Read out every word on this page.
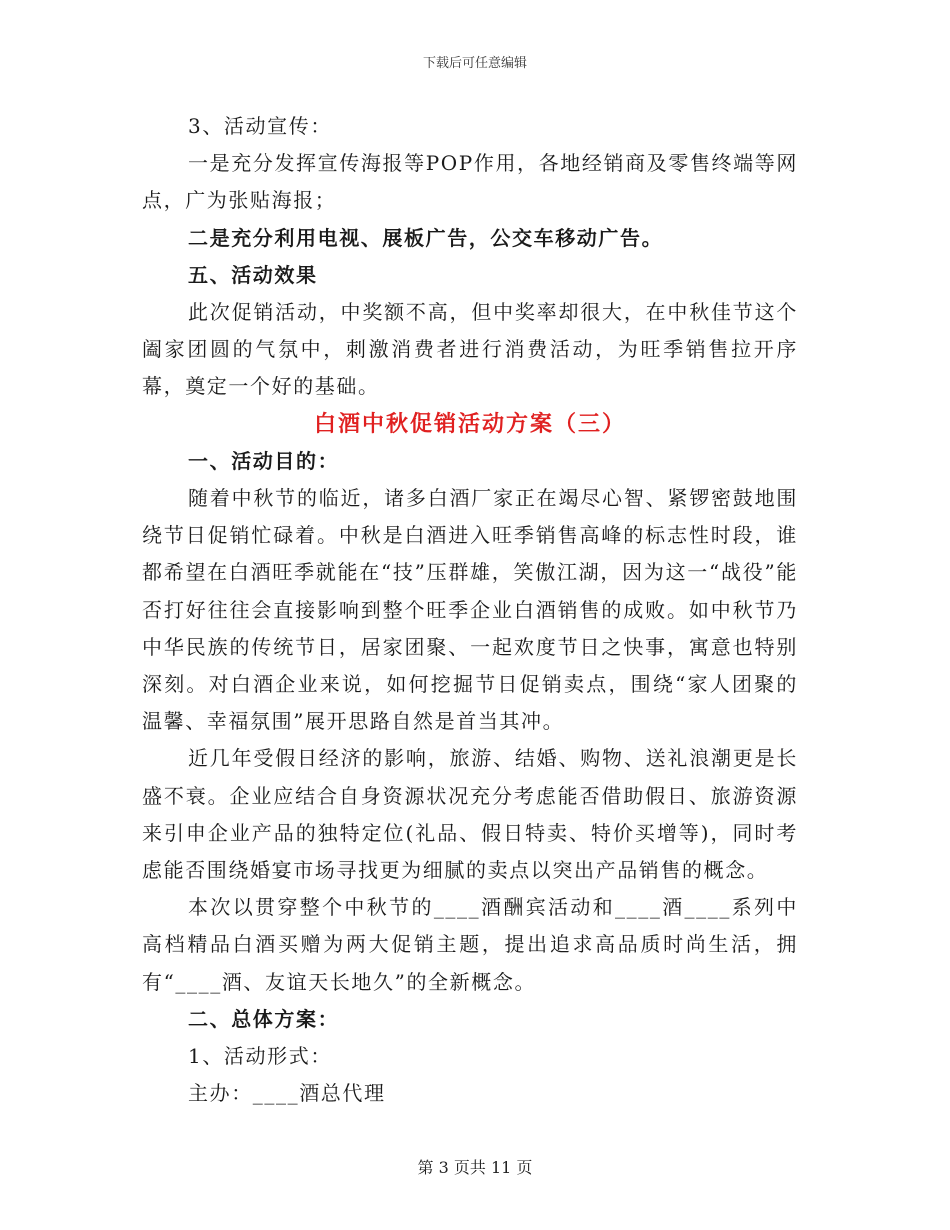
下载后可任意编辑

3、活动宣传：

一是充分发挥宣传海报等POP作用，各地经销商及零售终端等网点，广为张贴海报；

二是充分利用电视、展板广告，公交车移动广告。

五、活动效果

此次促销活动，中奖额不高，但中奖率却很大，在中秋佳节这个阖家团圆的气氛中，刺激消费者进行消费活动，为旺季销售拉开序幕，奠定一个好的基础。

白酒中秋促销活动方案（三）

一、活动目的：

随着中秋节的临近，诸多白酒厂家正在竭尽心智、紧锣密鼓地围绕节日促销忙碌着。中秋是白酒进入旺季销售高峰的标志性时段，谁都希望在白酒旺季就能在“技”压群雄，笑傲江湖，因为这一“战役”能否打好往往会直接影响到整个旺季企业白酒销售的成败。如中秋节乃中华民族的传统节日，居家团聚、一起欢度节日之快事，寓意也特别深刻。对白酒企业来说，如何挖掘节日促销卖点，围绕“家人团聚的温馨、幸福氛围”展开思路自然是首当其冲。

近几年受假日经济的影响，旅游、结婚、购物、送礼浪潮更是长盛不衰。企业应结合自身资源状况充分考虑能否借助假日、旅游资源来引申企业产品的独特定位(礼品、假日特卖、特价买增等)，同时考虑能否围绕婚宴市场寻找更为细腻的卖点以突出产品销售的概念。

本次以贯穿整个中秋节的____酒酬宾活动和____酒____系列中高档精品白酒买赠为两大促销主题，提出追求高品质时尚生活，拥有“____酒、友谊天长地久”的全新概念。

二、总体方案：

1、活动形式：

主办：____酒总代理

第 3 页共 11 页
